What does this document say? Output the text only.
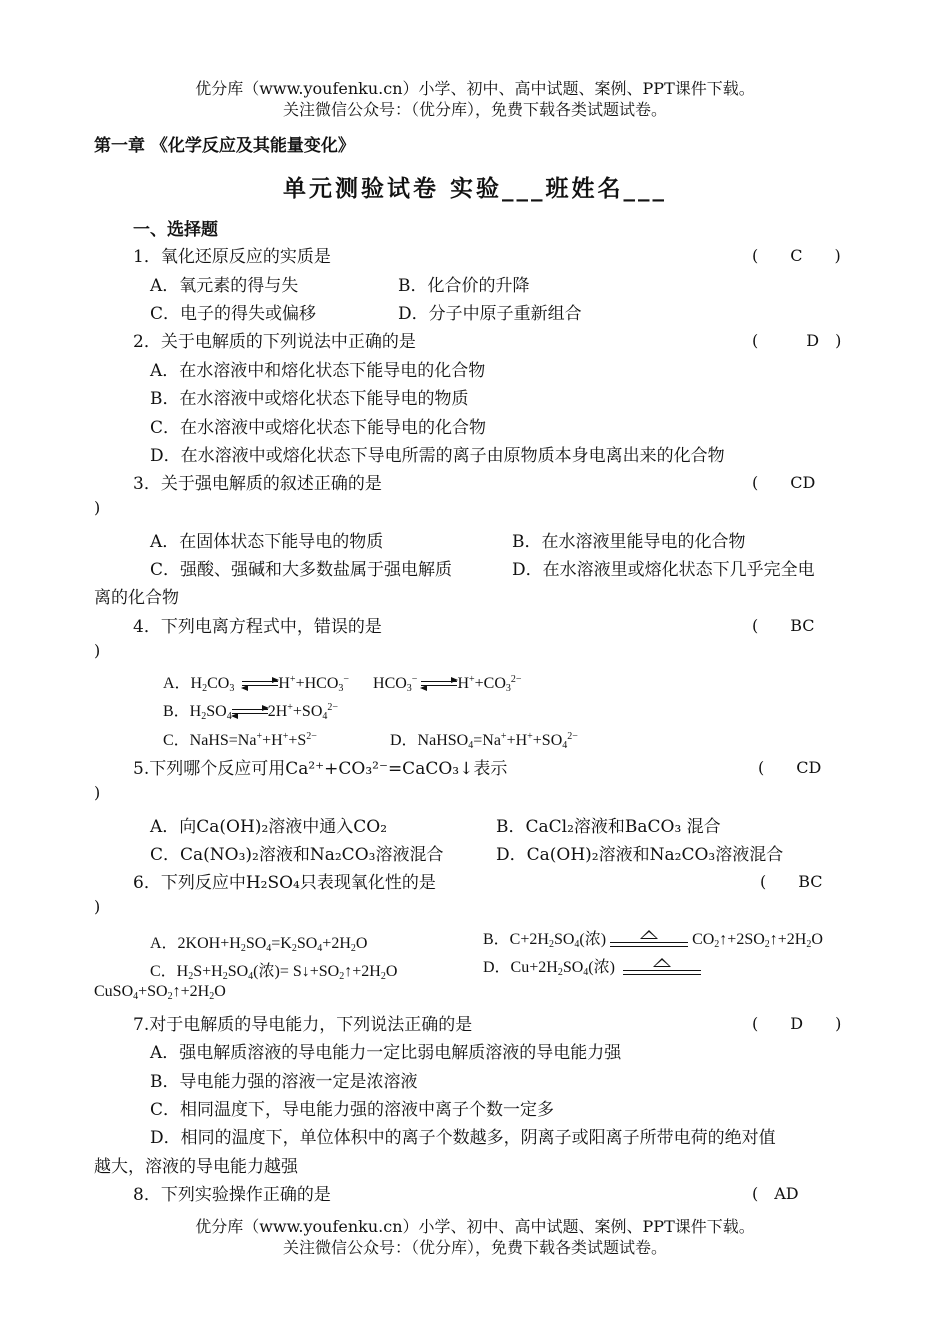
优分库（www.youfenku.cn）小学、初中、高中试题、案例、PPT课件下载。
关注微信公众号：（优分库），免费下载各类试题试卷。
第一章 《化学反应及其能量变化》
单元测验试卷 实验___班姓名___
一、选择题
1．氧化还原反应的实质是	(　　C　　)
A．氧元素的得与失	B．化合价的升降
C．电子的得失或偏移	D．分子中原子重新组合
2．关于电解质的下列说法中正确的是	(　　　D　)
A．在水溶液中和熔化状态下能导电的化合物
B．在水溶液中或熔化状态下能导电的物质
C．在水溶液中或熔化状态下能导电的化合物
D．在水溶液中或熔化状态下导电所需的离子由原物质本身电离出来的化合物
3．关于强电解质的叙述正确的是	(　　CD
)
A．在固体状态下能导电的物质	B．在水溶液里能导电的化合物
C．强酸、强碱和大多数盐属于强电解质	D．在水溶液里或熔化状态下几乎完全电
离的化合物
4．下列电离方程式中，错误的是	(　　BC
)
A．$H_2CO_3$	$H^++HCO_3^-$      $HCO_3^-$	$H^++CO_3^{2-}$
B．$H_2SO_4$ $2H^++SO_4^{2-}$
C．$NaHS=Na^++H^++S^{2-}$	D．$NaHSO_4=Na^++H^++SO_4^{2-}$
5.下列哪个反应可用Ca²⁺+CO₃²⁻=CaCO₃↓表示	(　　CD
)
A．向Ca(OH)₂溶液中通入CO₂	B．CaCl₂溶液和BaCO₃ 混合
C．Ca(NO₃)₂溶液和Na₂CO₃溶液混合	D．Ca(OH)₂溶液和Na₂CO₃溶液混合
6．下列反应中H₂SO₄只表现氧化性的是	(　　BC
)
A．$2KOH+H_2SO_4=K_2SO_4+2H_2O$	B．$C+2H_2SO_4$(浓)	$CO_2↑+2SO_2↑+2H_2O$
C．$H_2S+H_2SO_4$(浓)= $S↓+SO_2↑+2H_2O$	D．$Cu+2H_2SO_4$(浓)
$CuSO_4+SO_2↑+2H_2O$
7.对于电解质的导电能力，下列说法正确的是	(　　D　　)
A．强电解质溶液的导电能力一定比弱电解质溶液的导电能力强
B．导电能力强的溶液一定是浓溶液
C．相同温度下，导电能力强的溶液中离子个数一定多
D．相同的温度下，单位体积中的离子个数越多，阴离子或阳离子所带电荷的绝对值
越大，溶液的导电能力越强
8．下列实验操作正确的是	(　AD
优分库（www.youfenku.cn）小学、初中、高中试题、案例、PPT课件下载。
关注微信公众号：（优分库），免费下载各类试题试卷。
